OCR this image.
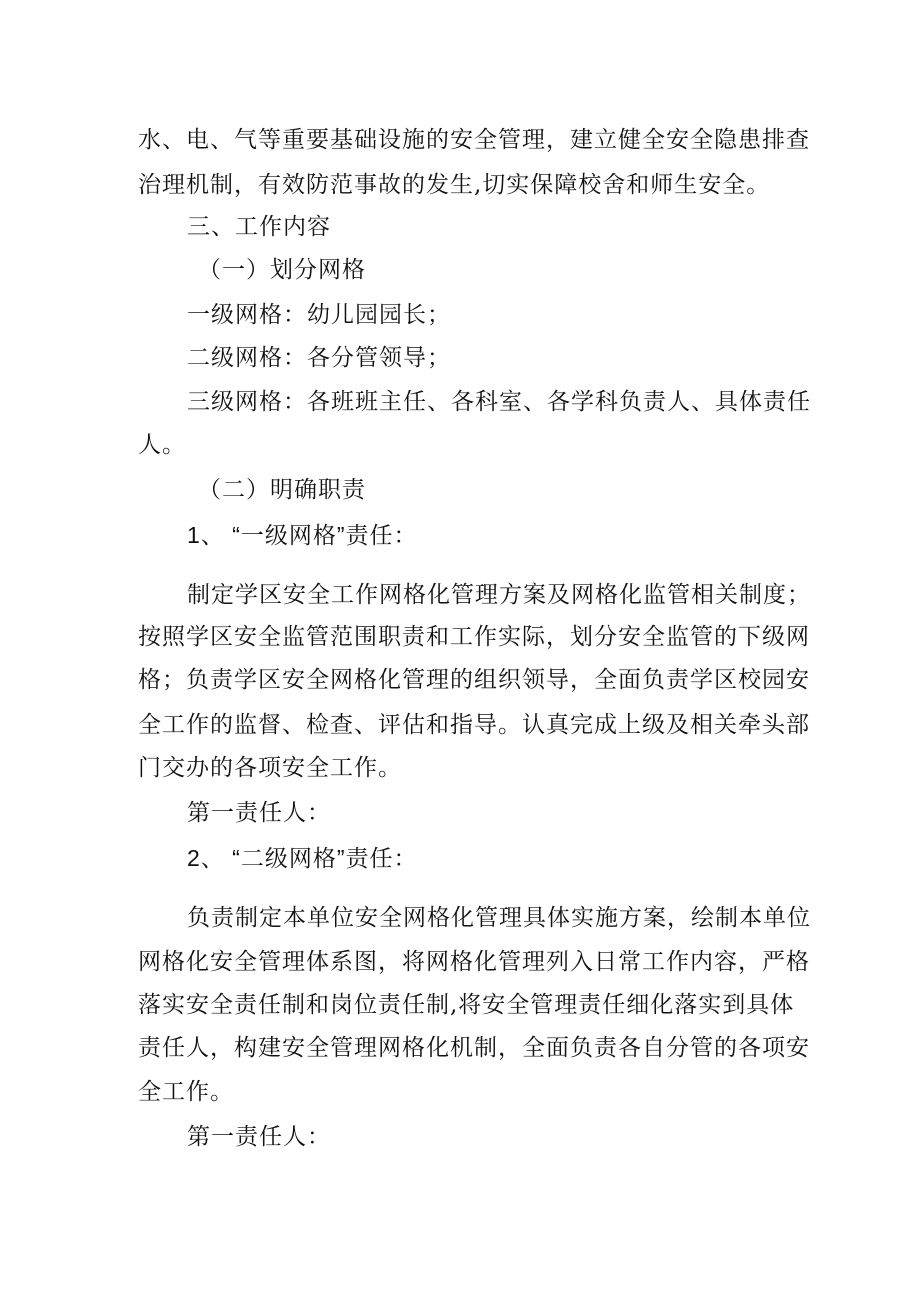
水、电、气等重要基础设施的安全管理，建立健全安全隐患排查
治理机制，有效防范事故的发生,切实保障校舍和师生安全。
三、工作内容
（一）划分网格
一级网格：幼儿园园长；
二级网格：各分管领导；
三级网格：各班班主任、各科室、各学科负责人、具体责任
人。
（二）明确职责
1、 “一级网格”责任：
制定学区安全工作网格化管理方案及网格化监管相关制度；
按照学区安全监管范围职责和工作实际，划分安全监管的下级网
格；负责学区安全网格化管理的组织领导，全面负责学区校园安
全工作的监督、检查、评估和指导。认真完成上级及相关牵头部
门交办的各项安全工作。
第一责任人：
2、 “二级网格”责任：
负责制定本单位安全网格化管理具体实施方案，绘制本单位
网格化安全管理体系图，将网格化管理列入日常工作内容，严格
落实安全责任制和岗位责任制,将安全管理责任细化落实到具体
责任人，构建安全管理网格化机制，全面负责各自分管的各项安
全工作。
第一责任人：
